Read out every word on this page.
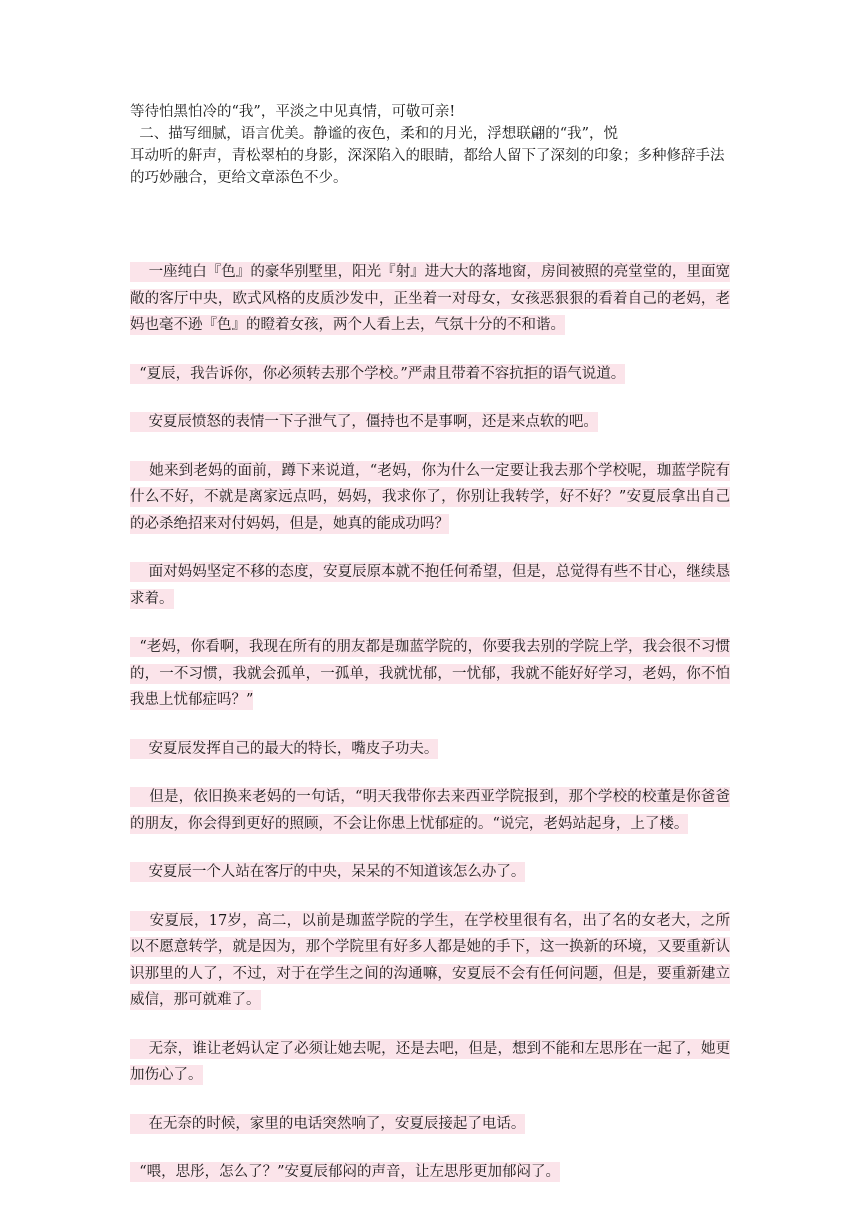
等待怕黑怕冷的“我”，平淡之中见真情，可敬可亲!

二、描写细腻，语言优美。静谧的夜色，柔和的月光，浮想联翩的“我”，悦

耳动听的鼾声，青松翠柏的身影，深深陷入的眼睛，都给人留下了深刻的印象；多种修辞手法的巧妙融合，更给文章添色不少。

一座纯白『色』的豪华别墅里，阳光『射』进大大的落地窗，房间被照的亮堂堂的，里面宽敞的客厅中央，欧式风格的皮质沙发中，正坐着一对母女，女孩恶狠狠的看着自己的老妈，老妈也毫不逊『色』的瞪着女孩，两个人看上去，气氛十分的不和谐。

“夏辰，我告诉你，你必须转去那个学校。”严肃且带着不容抗拒的语气说道。

安夏辰愤怒的表情一下子泄气了，僵持也不是事啊，还是来点软的吧。

她来到老妈的面前，蹲下来说道，“老妈，你为什么一定要让我去那个学校呢，珈蓝学院有什么不好，不就是离家远点吗，妈妈，我求你了，你别让我转学，好不好？”安夏辰拿出自己的必杀绝招来对付妈妈，但是，她真的能成功吗？

面对妈妈坚定不移的态度，安夏辰原本就不抱任何希望，但是，总觉得有些不甘心，继续恳求着。

“老妈，你看啊，我现在所有的朋友都是珈蓝学院的，你要我去别的学院上学，我会很不习惯的，一不习惯，我就会孤单，一孤单，我就忧郁，一忧郁，我就不能好好学习，老妈，你不怕我患上忧郁症吗？”

安夏辰发挥自己的最大的特长，嘴皮子功夫。

但是，依旧换来老妈的一句话，“明天我带你去来西亚学院报到，那个学校的校董是你爸爸的朋友，你会得到更好的照顾，不会让你患上忧郁症的。“说完，老妈站起身，上了楼。

安夏辰一个人站在客厅的中央，呆呆的不知道该怎么办了。

安夏辰，17岁，高二，以前是珈蓝学院的学生，在学校里很有名，出了名的女老大，之所以不愿意转学，就是因为，那个学院里有好多人都是她的手下，这一换新的环境，又要重新认识那里的人了，不过，对于在学生之间的沟通嘛，安夏辰不会有任何问题，但是，要重新建立威信，那可就难了。

无奈，谁让老妈认定了必须让她去呢，还是去吧，但是，想到不能和左思彤在一起了，她更加伤心了。

在无奈的时候，家里的电话突然响了，安夏辰接起了电话。

“喂，思彤，怎么了？”安夏辰郁闷的声音，让左思彤更加郁闷了。
